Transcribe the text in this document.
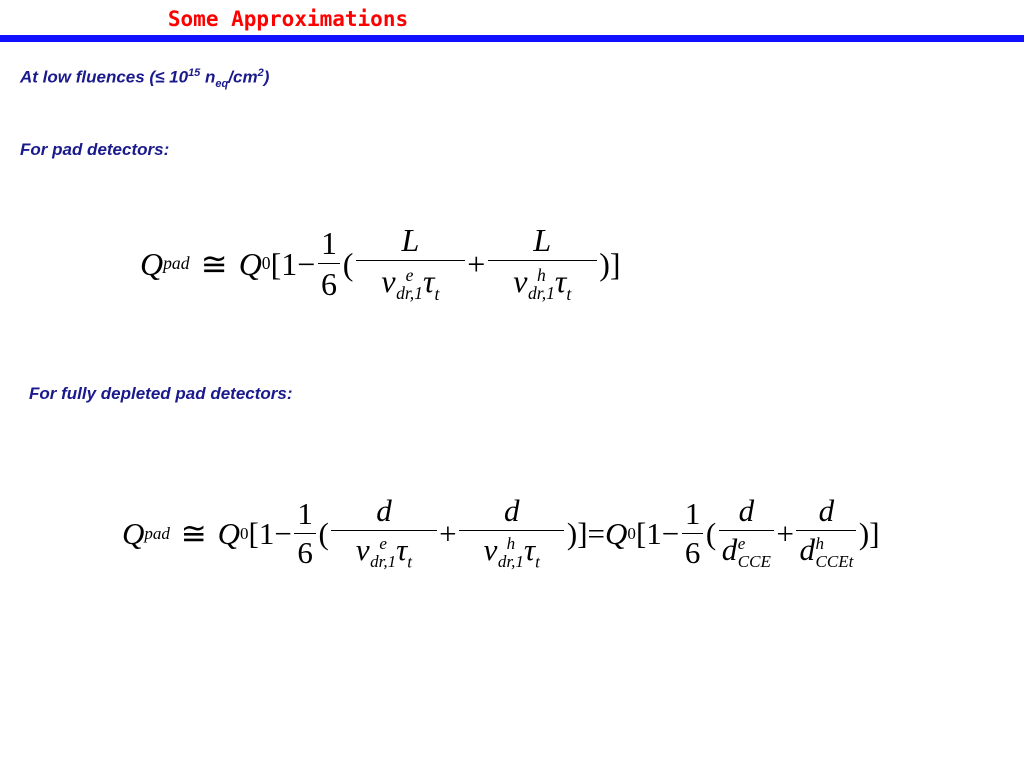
Some Approximations
At low fluences (≤ $10^{15}$ $n_{eq}/cm^2$)
For pad detectors:
Q pad ≅ Q 0 [$1 - \frac{1}{6}$ ( L
v e
dr,1 $\tau_t + L$
v h
dr,1 $\tau_t$ )]
For fully depleted pad detectors:
Q pad ≅ Q 0 [$1 - \frac{1}{6}$ ( d
v e
dr,1 $\tau_t + d$
v h
dr,1 $\tau_t$ )] = Q 0 [$1 - \frac{1}{6}$ ( d
d e
CCE + d
d h
CCEt )]
